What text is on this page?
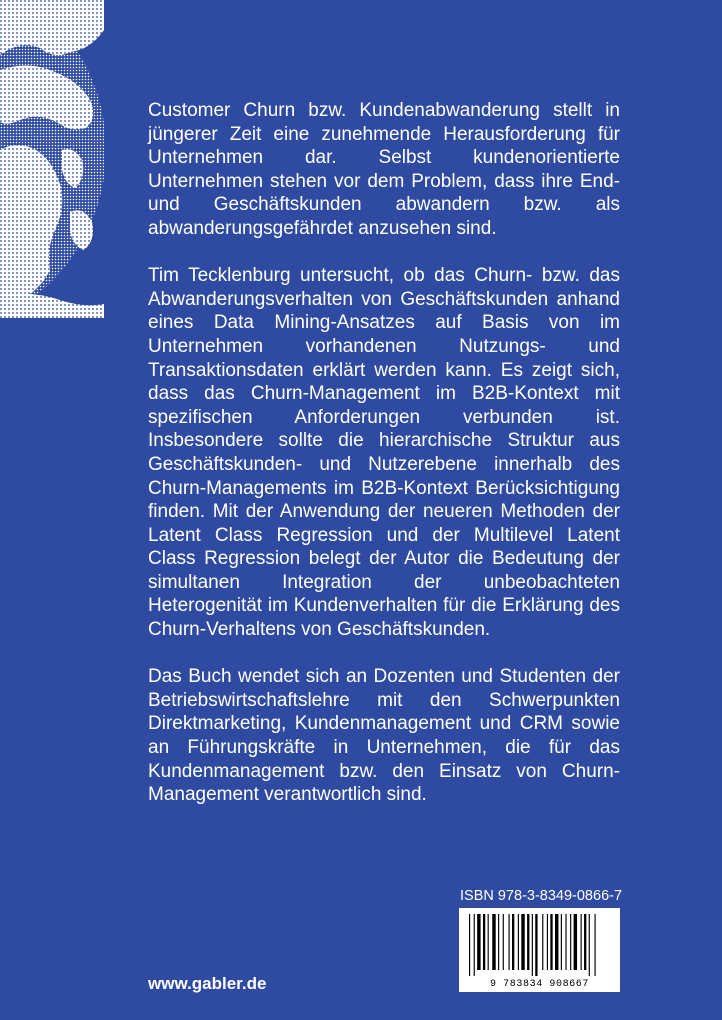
Customer Churn bzw. Kundenabwanderung stellt in jüngerer Zeit eine zunehmende Herausforderung für Unternehmen dar. Selbst kundenorientierte Unternehmen stehen vor dem Problem, dass ihre End- und Geschäftskunden abwandern bzw. als abwanderungsgefährdet anzusehen sind.

Tim Tecklenburg untersucht, ob das Churn- bzw. das Abwanderungsverhalten von Geschäftskunden anhand eines Data Mining-Ansatzes auf Basis von im Unternehmen vorhandenen Nutzungs- und Transaktionsdaten erklärt werden kann. Es zeigt sich, dass das Churn-Management im B2B-Kontext mit spezifischen Anforderungen verbunden ist. Insbesondere sollte die hierarchische Struktur aus Geschäftskunden- und Nutzerebene innerhalb des Churn-Managements im B2B-Kontext Berücksichtigung finden. Mit der Anwendung der neueren Methoden der Latent Class Regression und der Multilevel Latent Class Regression belegt der Autor die Bedeutung der simultanen Integration der unbeobachteten Heterogenität im Kundenverhalten für die Erklärung des Churn-Verhaltens von Geschäftskunden.

Das Buch wendet sich an Dozenten und Studenten der Betriebswirtschaftslehre mit den Schwerpunkten Direktmarketing, Kundenmanagement und CRM sowie an Führungskräfte in Unternehmen, die für das Kundenmanagement bzw. den Einsatz von Churn-Management verantwortlich sind.

ISBN 978-3-8349-0866-7
9 783834 908667
www.gabler.de
